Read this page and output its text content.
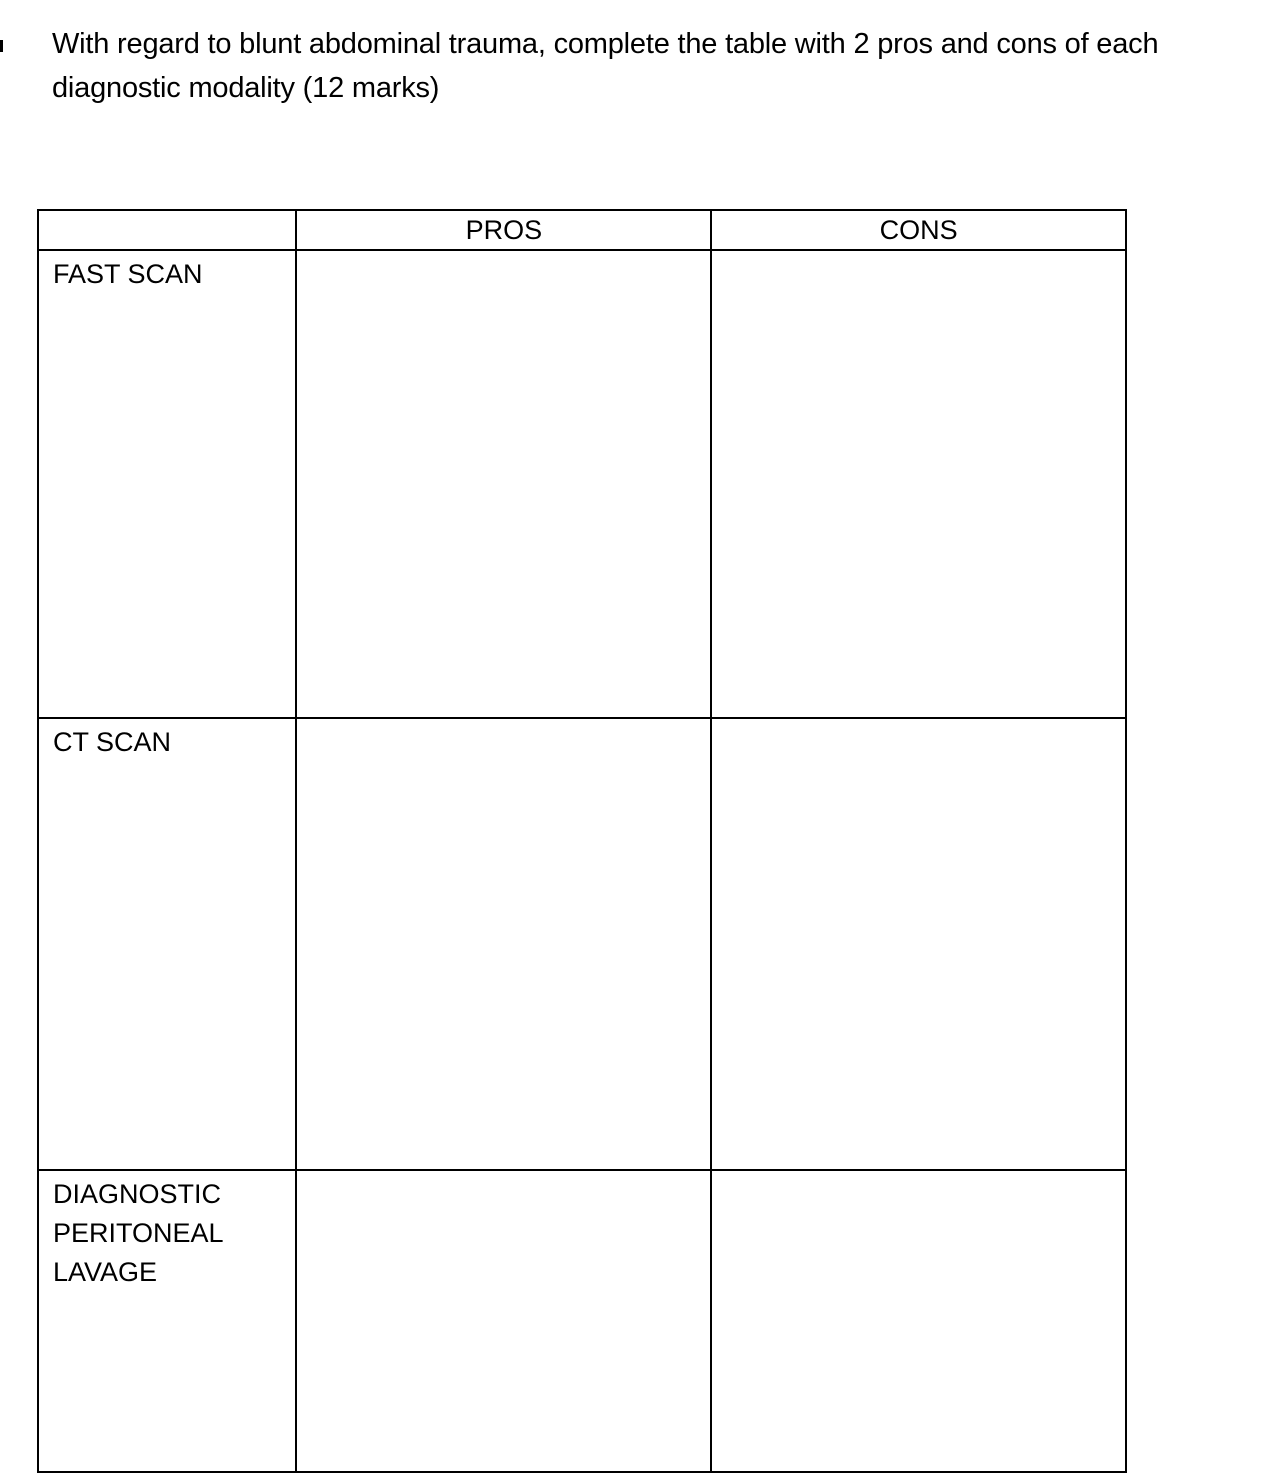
With regard to blunt abdominal trauma, complete the table with 2 pros and cons of each diagnostic modality (12 marks)
	PROS	CONS

FAST SCAN		

CT SCAN		

DIAGNOSTIC PERITONEAL LAVAGE		
